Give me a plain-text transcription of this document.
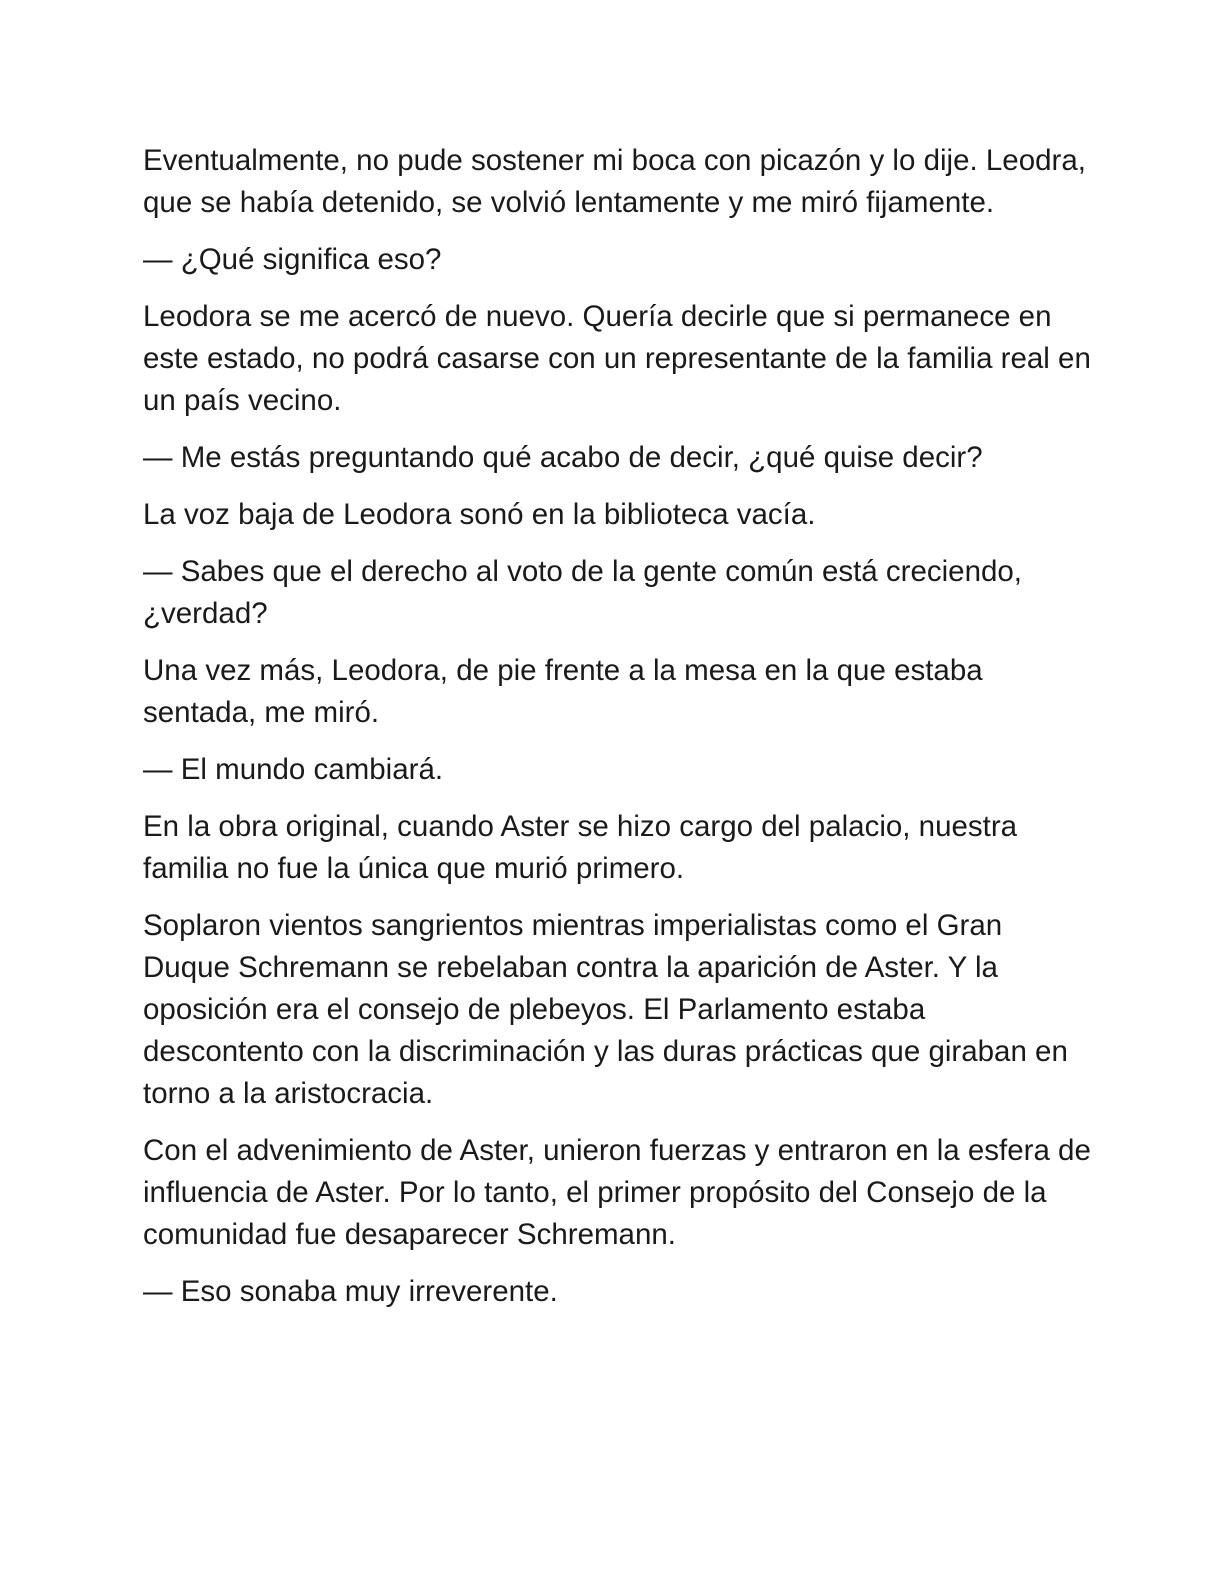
Eventualmente, no pude sostener mi boca con picazón y lo dije. Leodra, que se había detenido, se volvió lentamente y me miró fijamente.

— ¿Qué significa eso?

Leodora se me acercó de nuevo. Quería decirle que si permanece en este estado, no podrá casarse con un representante de la familia real en un país vecino.

— Me estás preguntando qué acabo de decir, ¿qué quise decir?

La voz baja de Leodora sonó en la biblioteca vacía.

— Sabes que el derecho al voto de la gente común está creciendo, ¿verdad?

Una vez más, Leodora, de pie frente a la mesa en la que estaba sentada, me miró.

— El mundo cambiará.

En la obra original, cuando Aster se hizo cargo del palacio, nuestra familia no fue la única que murió primero.

Soplaron vientos sangrientos mientras imperialistas como el Gran Duque Schremann se rebelaban contra la aparición de Aster. Y la oposición era el consejo de plebeyos. El Parlamento estaba descontento con la discriminación y las duras prácticas que giraban en torno a la aristocracia.

Con el advenimiento de Aster, unieron fuerzas y entraron en la esfera de influencia de Aster. Por lo tanto, el primer propósito del Consejo de la comunidad fue desaparecer Schremann.

— Eso sonaba muy irreverente.
